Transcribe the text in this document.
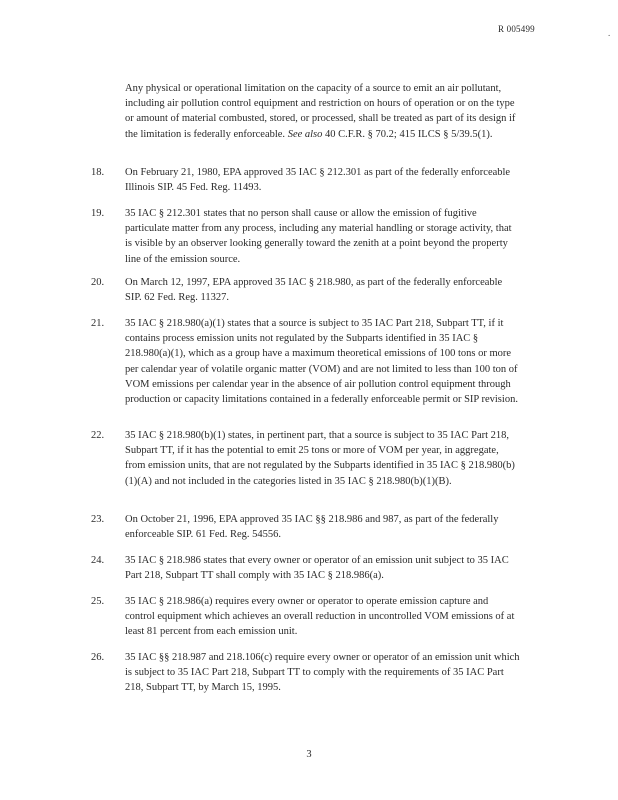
R 005499	.
Any physical or operational limitation on the capacity of a source to emit an air pollutant, including air pollution control equipment and restriction on hours of operation or on the type or amount of material combusted, stored, or processed, shall be treated as part of its design if the limitation is federally enforceable. See also 40 C.F.R. § 70.2; 415 ILCS § 5/39.5(1).
18. On February 21, 1980, EPA approved 35 IAC § 212.301 as part of the federally enforceable Illinois SIP. 45 Fed. Reg. 11493.
19. 35 IAC § 212.301 states that no person shall cause or allow the emission of fugitive particulate matter from any process, including any material handling or storage activity, that is visible by an observer looking generally toward the zenith at a point beyond the property line of the emission source.
20. On March 12, 1997, EPA approved 35 IAC § 218.980, as part of the federally enforceable SIP. 62 Fed. Reg. 11327.
21. 35 IAC § 218.980(a)(1) states that a source is subject to 35 IAC Part 218, Subpart TT, if it contains process emission units not regulated by the Subparts identified in 35 IAC § 218.980(a)(1), which as a group have a maximum theoretical emissions of 100 tons or more per calendar year of volatile organic matter (VOM) and are not limited to less than 100 ton of VOM emissions per calendar year in the absence of air pollution control equipment through production or capacity limitations contained in a federally enforceable permit or SIP revision.
22. 35 IAC § 218.980(b)(1) states, in pertinent part, that a source is subject to 35 IAC Part 218, Subpart TT, if it has the potential to emit 25 tons or more of VOM per year, in aggregate, from emission units, that are not regulated by the Subparts identified in 35 IAC § 218.980(b)(1)(A) and not included in the categories listed in 35 IAC § 218.980(b)(1)(B).
23. On October 21, 1996, EPA approved 35 IAC §§ 218.986 and 987, as part of the federally enforceable SIP. 61 Fed. Reg. 54556.
24. 35 IAC § 218.986 states that every owner or operator of an emission unit subject to 35 IAC Part 218, Subpart TT shall comply with 35 IAC § 218.986(a).
25. 35 IAC § 218.986(a) requires every owner or operator to operate emission capture and control equipment which achieves an overall reduction in uncontrolled VOM emissions of at least 81 percent from each emission unit.
26. 35 IAC §§ 218.987 and 218.106(c) require every owner or operator of an emission unit which is subject to 35 IAC Part 218, Subpart TT to comply with the requirements of 35 IAC Part 218, Subpart TT, by March 15, 1995.
3
